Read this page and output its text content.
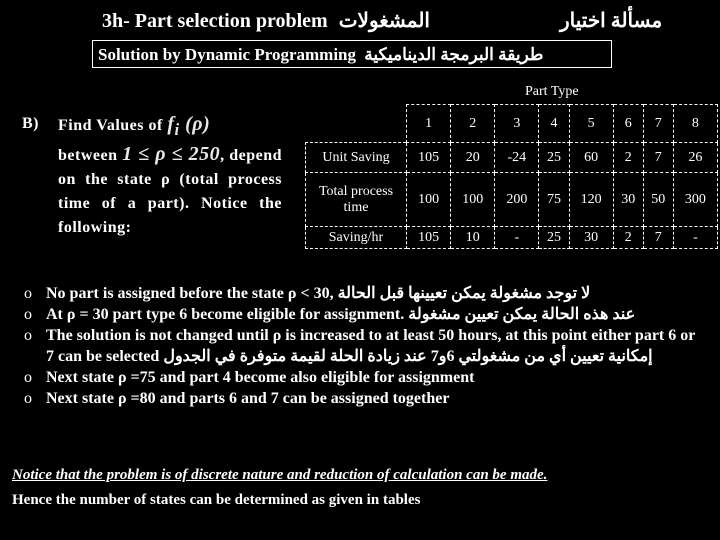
3h- Part selection problem المشغولات	مسألة اختيار
Solution by Dynamic Programming طريقة البرمجة الديناميكية
Part Type
B) Find Values of $f_i$ (ρ)
between 1 ≤ ρ ≤ 250, depend on the state ρ (total process time of a part). Notice the following:
	1	2	3	4	5	6	7	8
Unit Saving	105	20	-24	25	60	2	7	26
Total process time	100	100	200	75	120	30	50	300
Saving/hr	105	10	-	25	30	2	7	-
o No part is assigned before the state ρ < 30, لا توجد مشغولة يمكن تعيينها قبل الحالة
o At ρ = 30 part type 6 become eligible for assignment. عند هذه الحالة يمكن تعيين مشغولة
o The solution is not changed until ρ is increased to at least 50 hours, at this point either part 6 or 7 can be selected إمكانية تعيين أي من مشغولتي 6و7 عند زيادة الحلة لقيمة متوفرة في الجدول
o Next state ρ =75 and part 4 become also eligible for assignment
o Next state ρ =80 and parts 6 and 7 can be assigned together
Notice that the problem is of discrete nature and reduction of calculation can be made.
Hence the number of states can be determined as given in tables
